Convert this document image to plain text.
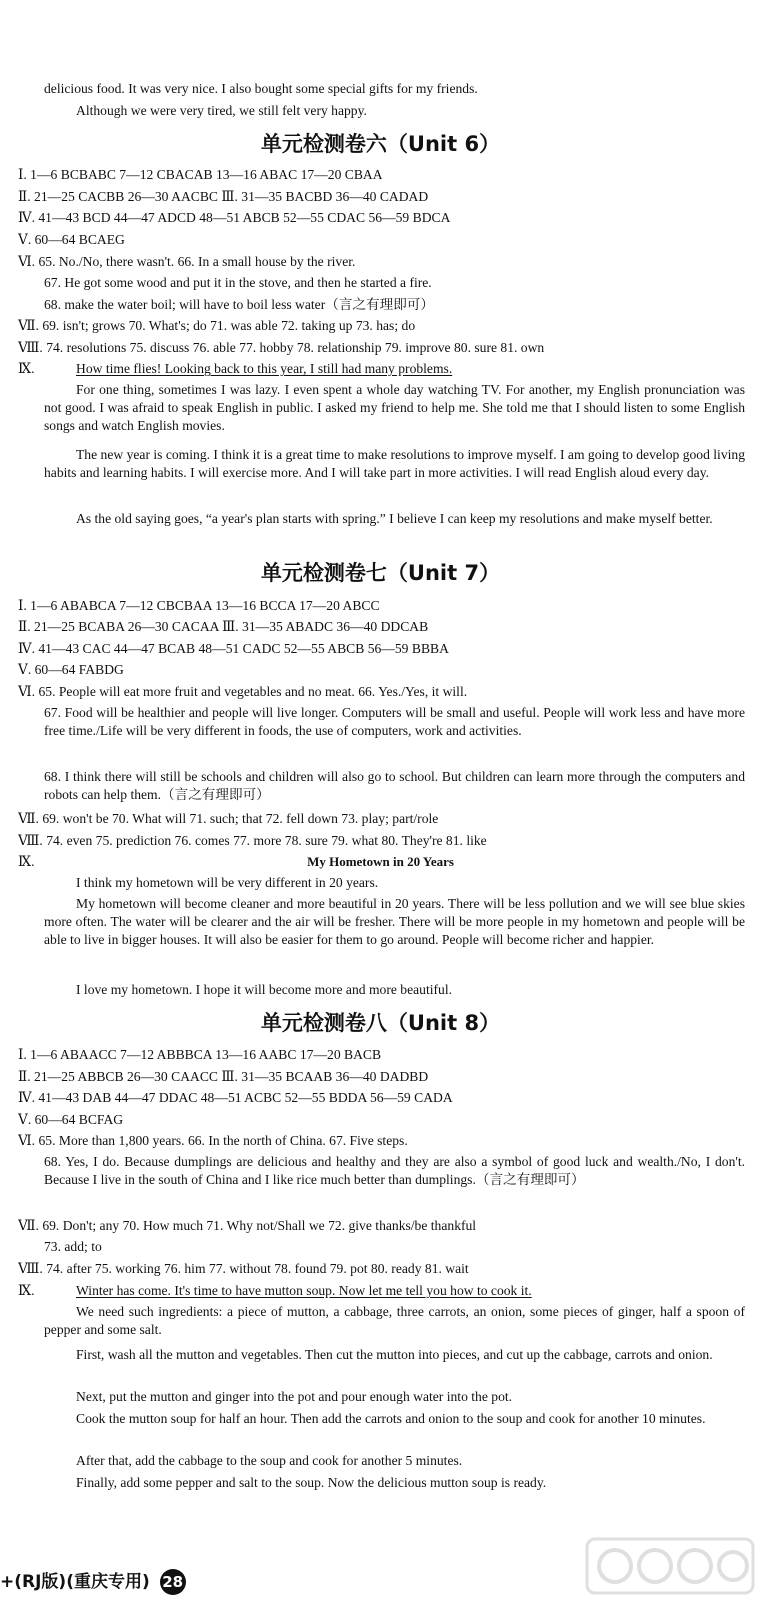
delicious food. It was very nice. I also bought some special gifts for my friends.
Although we were very tired, we still felt very happy.
单元检测卷六（Unit 6）
Ⅰ. 1—6 BCBABC 7—12 CBACAB 13—16 ABAC 17—20 CBAA
Ⅱ. 21—25 CACBB 26—30 AACBC Ⅲ. 31—35 BACBD 36—40 CADAD
Ⅳ. 41—43 BCD 44—47 ADCD 48—51 ABCB 52—55 CDAC 56—59 BDCA
Ⅴ. 60—64 BCAEG
Ⅵ. 65. No./No, there wasn't. 66. In a small house by the river.
67. He got some wood and put it in the stove, and then he started a fire.
68. make the water boil; will have to boil less water（言之有理即可）
Ⅶ. 69. isn't; grows 70. What's; do 71. was able 72. taking up 73. has; do
Ⅷ. 74. resolutions 75. discuss 76. able 77. hobby 78. relationship 79. improve 80. sure 81. own
Ⅸ.	How time flies! Looking back to this year, I still had many problems.
For one thing, sometimes I was lazy. I even spent a whole day watching TV. For another, my English pronunciation was not good. I was afraid to speak English in public. I asked my friend to help me. She told me that I should listen to some English songs and watch English movies.
The new year is coming. I think it is a great time to make resolutions to improve myself. I am going to develop good living habits and learning habits. I will exercise more. And I will take part in more activities. I will read English aloud every day.
As the old saying goes, “a year's plan starts with spring.” I believe I can keep my resolutions and make myself better.
单元检测卷七（Unit 7）
Ⅰ. 1—6 ABABCA 7—12 CBCBAA 13—16 BCCA 17—20 ABCC
Ⅱ. 21—25 BCABA 26—30 CACAA Ⅲ. 31—35 ABADC 36—40 DDCAB
Ⅳ. 41—43 CAC 44—47 BCAB 48—51 CADC 52—55 ABCB 56—59 BBBA
Ⅴ. 60—64 FABDG
Ⅵ. 65. People will eat more fruit and vegetables and no meat. 66. Yes./Yes, it will.
67. Food will be healthier and people will live longer. Computers will be small and useful. People will work less and have more free time./Life will be very different in foods, the use of computers, work and activities.
68. I think there will still be schools and children will also go to school. But children can learn more through the computers and robots can help them.（言之有理即可）
Ⅶ. 69. won't be 70. What will 71. such; that 72. fell down 73. play; part/role
Ⅷ. 74. even 75. prediction 76. comes 77. more 78. sure 79. what 80. They're 81. like
Ⅸ.	My Hometown in 20 Years
I think my hometown will be very different in 20 years.
My hometown will become cleaner and more beautiful in 20 years. There will be less pollution and we will see blue skies more often. The water will be clearer and the air will be fresher. There will be more people in my hometown and people will be able to live in bigger houses. It will also be easier for them to go around. People will become richer and happier.
I love my hometown. I hope it will become more and more beautiful.
单元检测卷八（Unit 8）
Ⅰ. 1—6 ABAACC 7—12 ABBBCA 13—16 AABC 17—20 BACB
Ⅱ. 21—25 ABBCB 26—30 CAACC Ⅲ. 31—35 BCAAB 36—40 DADBD
Ⅳ. 41—43 DAB 44—47 DDAC 48—51 ACBC 52—55 BDDA 56—59 CADA
Ⅴ. 60—64 BCFAG
Ⅵ. 65. More than 1,800 years. 66. In the north of China. 67. Five steps.
68. Yes, I do. Because dumplings are delicious and healthy and they are also a symbol of good luck and wealth./No, I don't. Because I live in the south of China and I like rice much better than dumplings.（言之有理即可）
Ⅶ. 69. Don't; any 70. How much 71. Why not/Shall we 72. give thanks/be thankful
73. add; to
Ⅷ. 74. after 75. working 76. him 77. without 78. found 79. pot 80. ready 81. wait
Ⅸ.	Winter has come. It's time to have mutton soup. Now let me tell you how to cook it.
We need such ingredients: a piece of mutton, a cabbage, three carrots, an onion, some pieces of ginger, half a spoon of pepper and some salt.
First, wash all the mutton and vegetables. Then cut the mutton into pieces, and cut up the cabbage, carrots and onion.
Next, put the mutton and ginger into the pot and pour enough water into the pot.
Cook the mutton soup for half an hour. Then add the carrots and onion to the soup and cook for another 10 minutes.
After that, add the cabbage to the soup and cook for another 5 minutes.
Finally, add some pepper and salt to the soup. Now the delicious mutton soup is ready.
+(RJ版)(重庆专用) 28
